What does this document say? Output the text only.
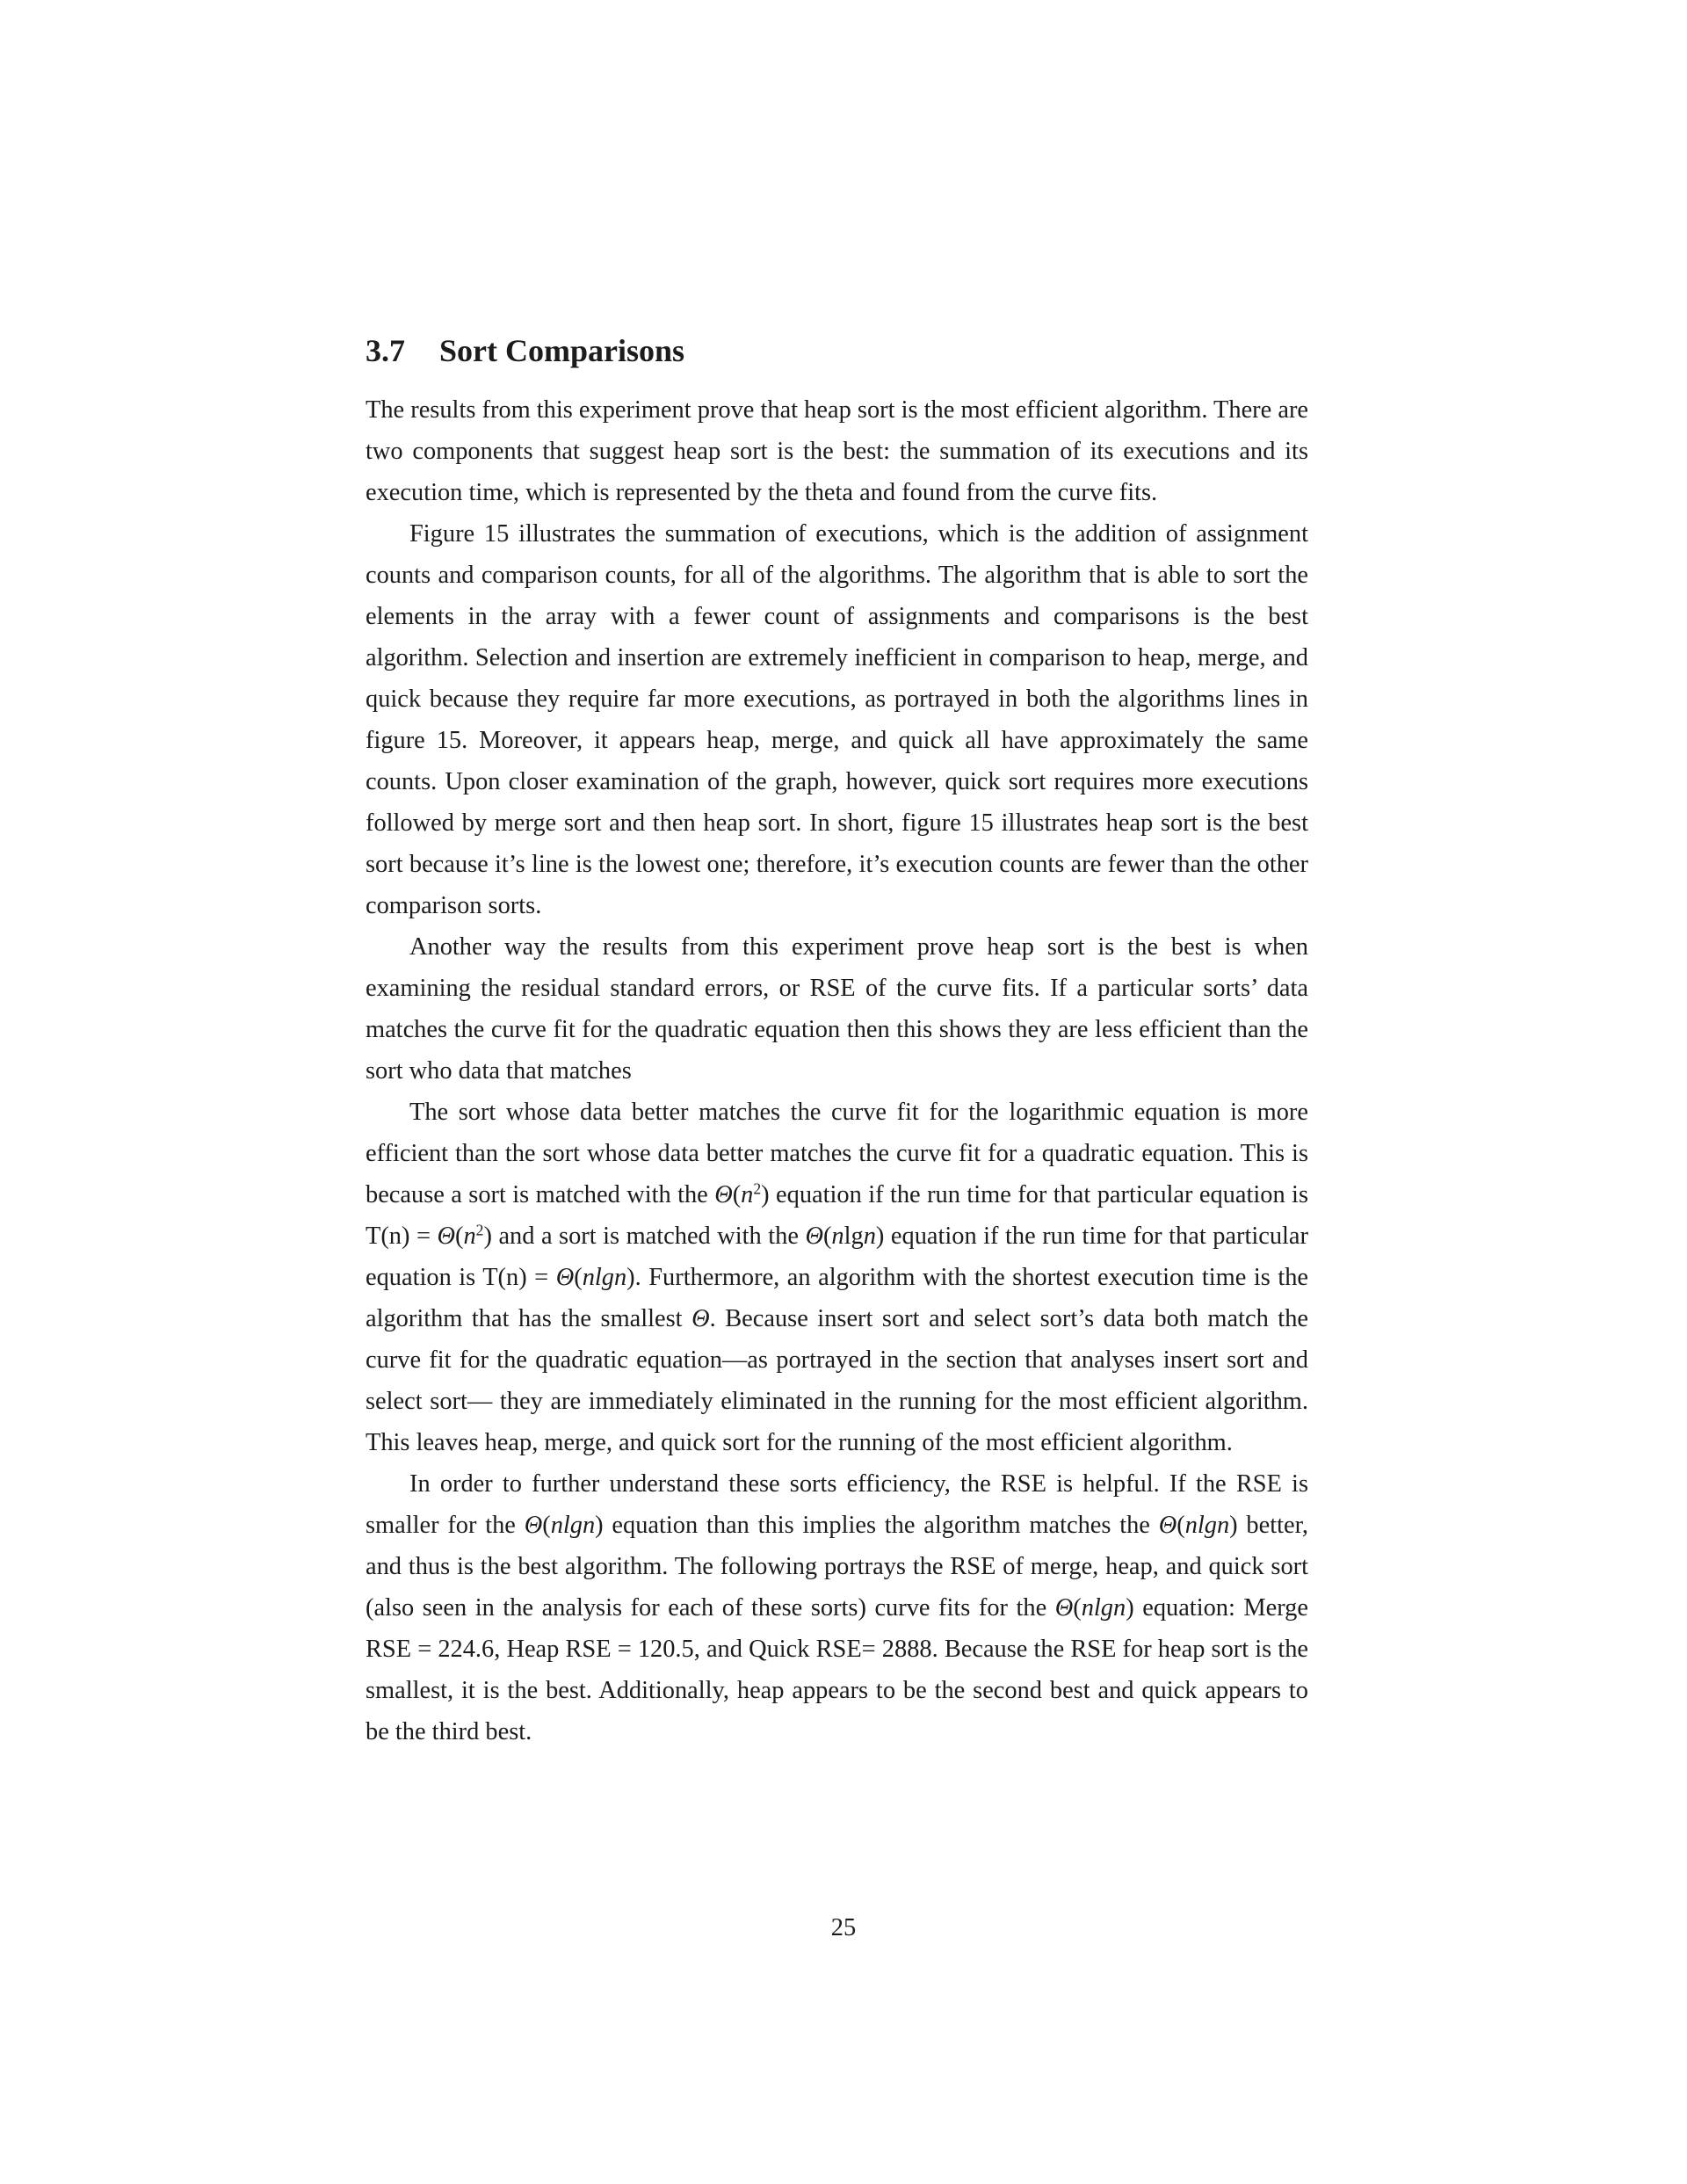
3.7 Sort Comparisons

The results from this experiment prove that heap sort is the most efficient algorithm. There are two components that suggest heap sort is the best: the summation of its executions and its execution time, which is represented by the theta and found from the curve fits.

Figure 15 illustrates the summation of executions, which is the addition of assignment counts and comparison counts, for all of the algorithms. The algorithm that is able to sort the elements in the array with a fewer count of assignments and comparisons is the best algorithm. Selection and insertion are extremely inefficient in comparison to heap, merge, and quick because they require far more executions, as portrayed in both the algorithms lines in figure 15. Moreover, it appears heap, merge, and quick all have approximately the same counts. Upon closer examination of the graph, however, quick sort requires more executions followed by merge sort and then heap sort. In short, figure 15 illustrates heap sort is the best sort because it’s line is the lowest one; therefore, it’s execution counts are fewer than the other comparison sorts.

Another way the results from this experiment prove heap sort is the best is when examining the residual standard errors, or RSE of the curve fits. If a particular sorts’ data matches the curve fit for the quadratic equation then this shows they are less efficient than the sort who data that matches

The sort whose data better matches the curve fit for the logarithmic equation is more efficient than the sort whose data better matches the curve fit for a quadratic equation. This is because a sort is matched with the $\Theta(n^2)$ equation if the run time for that particular equation is $T(n) = \Theta(n^2)$ and a sort is matched with the Θ(nlgn) equation if the run time for that particular equation is T(n) = Θ(nlgn). Furthermore, an algorithm with the shortest execution time is the algorithm that has the smallest Θ. Because insert sort and select sort’s data both match the curve fit for the quadratic equation—as portrayed in the section that analyses insert sort and select sort— they are immediately eliminated in the running for the most efficient algorithm. This leaves heap, merge, and quick sort for the running of the most efficient algorithm.

In order to further understand these sorts efficiency, the RSE is helpful. If the RSE is smaller for the Θ(nlgn) equation than this implies the algorithm matches the Θ(nlgn) better, and thus is the best algorithm. The following portrays the RSE of merge, heap, and quick sort (also seen in the analysis for each of these sorts) curve fits for the Θ(nlgn) equation: Merge RSE = 224.6, Heap RSE = 120.5, and Quick RSE= 2888. Because the RSE for heap sort is the smallest, it is the best. Additionally, heap appears to be the second best and quick appears to be the third best.

25
